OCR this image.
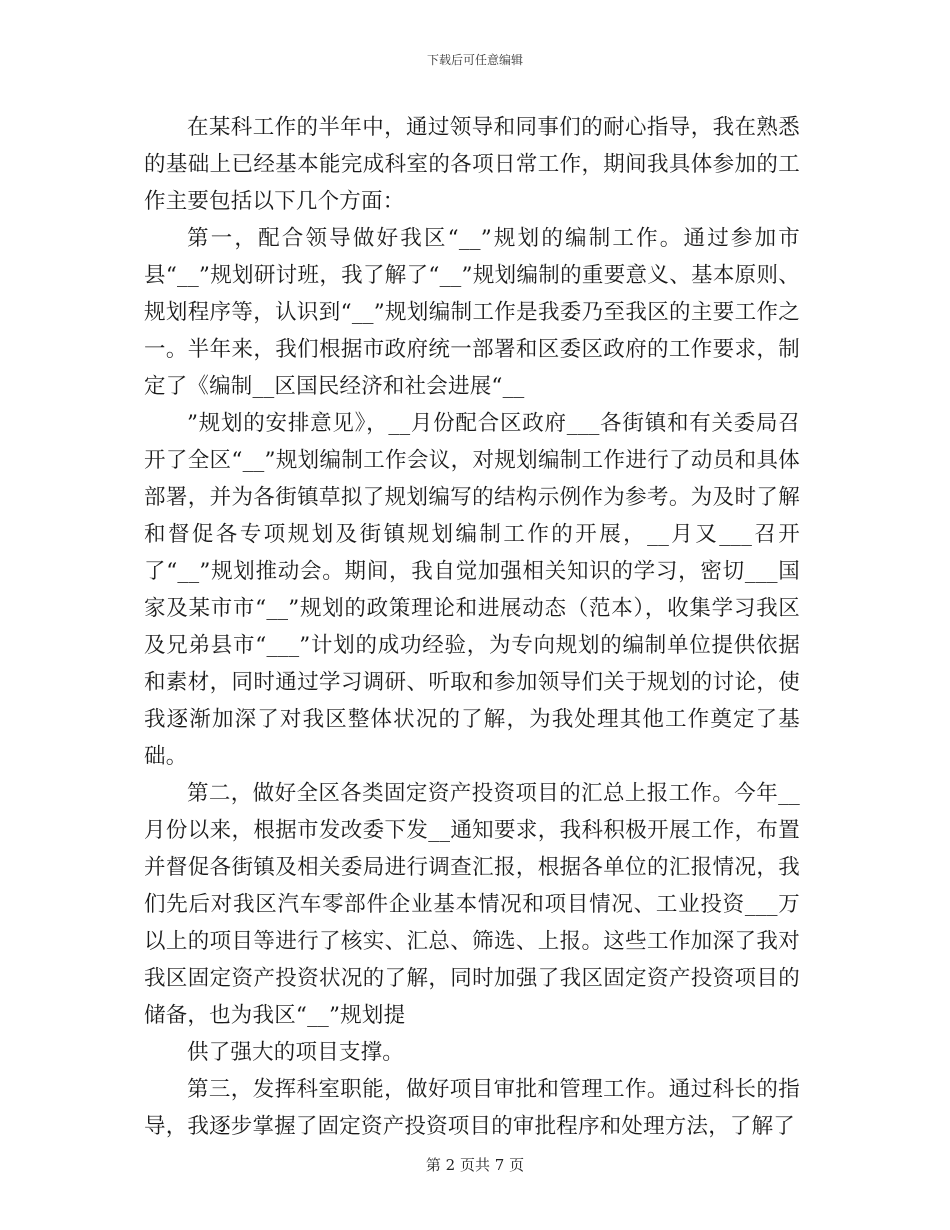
下载后可任意编辑

在某科工作的半年中，通过领导和同事们的耐心指导，我在熟悉的基础上已经基本能完成科室的各项日常工作，期间我具体参加的工作主要包括以下几个方面：

第一，配合领导做好我区“__”规划的编制工作。通过参加市县“__”规划研讨班，我了解了“__”规划编制的重要意义、基本原则、规划程序等，认识到“__”规划编制工作是我委乃至我区的主要工作之一。半年来，我们根据市政府统一部署和区委区政府的工作要求，制定了《编制__区国民经济和社会进展“__

”规划的安排意见》，__月份配合区政府___各街镇和有关委局召开了全区“__”规划编制工作会议，对规划编制工作进行了动员和具体部署，并为各街镇草拟了规划编写的结构示例作为参考。为及时了解和督促各专项规划及街镇规划编制工作的开展，__月又___召开了“__”规划推动会。期间，我自觉加强相关知识的学习，密切___国家及某市市“__”规划的政策理论和进展动态（范本），收集学习我区及兄弟县市“___”计划的成功经验，为专向规划的编制单位提供依据和素材，同时通过学习调研、听取和参加领导们关于规划的讨论，使我逐渐加深了对我区整体状况的了解，为我处理其他工作奠定了基础。

第二，做好全区各类固定资产投资项目的汇总上报工作。今年__月份以来，根据市发改委下发__通知要求，我科积极开展工作，布置并督促各街镇及相关委局进行调查汇报，根据各单位的汇报情况，我们先后对我区汽车零部件企业基本情况和项目情况、工业投资___万以上的项目等进行了核实、汇总、筛选、上报。这些工作加深了我对我区固定资产投资状况的了解，同时加强了我区固定资产投资项目的储备，也为我区“__”规划提

供了强大的项目支撑。

第三，发挥科室职能，做好项目审批和管理工作。通过科长的指导，我逐步掌握了固定资产投资项目的审批程序和处理方法，了解了

第 2 页共 7 页
